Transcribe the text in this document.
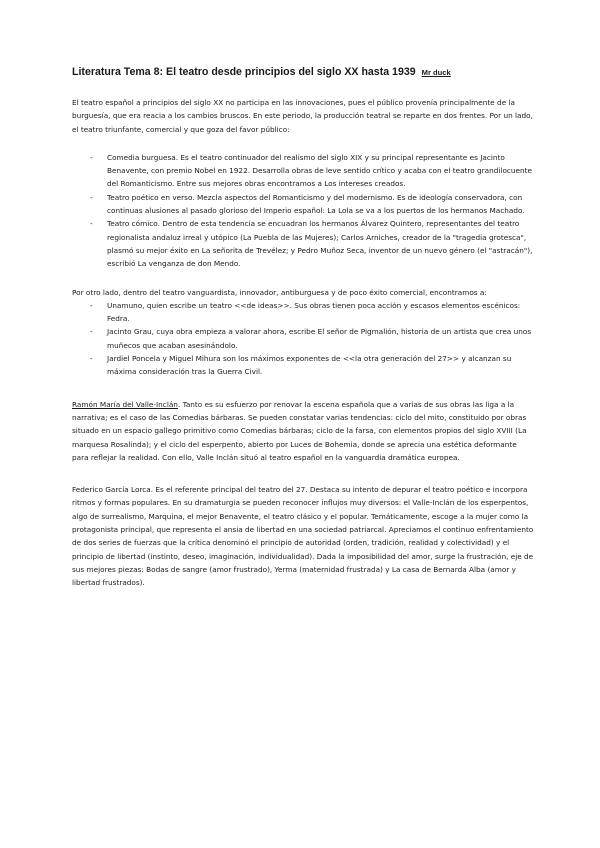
Literatura Tema 8: El teatro desde principios del siglo XX hasta 1939 Mr duck

El teatro español a principios del siglo XX no participa en las innovaciones, pues el público provenía principalmente de la burguesía, que era reacia a los cambios bruscos. En este periodo, la producción teatral se reparte en dos frentes. Por un lado, el teatro triunfante, comercial y que goza del favor público:

- Comedia burguesa. Es el teatro continuador del realismo del siglo XIX y su principal representante es Jacinto Benavente, con premio Nobel en 1922. Desarrolla obras de leve sentido crítico y acaba con el teatro grandilocuente del Romanticismo. Entre sus mejores obras encontramos a Los intereses creados.
- Teatro poético en verso. Mezcla aspectos del Romanticismo y del modernismo. Es de ideología conservadora, con continuas alusiones al pasado glorioso del Imperio español: La Lola se va a los puertos de los hermanos Machado.
- Teatro cómico. Dentro de esta tendencia se encuadran los hermanos Álvarez Quintero, representantes del teatro regionalista andaluz irreal y utópico (La Puebla de las Mujeres); Carlos Arniches, creador de la "tragedia grotesca", plasmó su mejor éxito en La señorita de Trevélez; y Pedro Muñoz Seca, inventor de un nuevo género (el "astracán"), escribió La venganza de don Mendo.

Por otro lado, dentro del teatro vanguardista, innovador, antiburguesa y de poco éxito comercial, encontramos a:

- Unamuno, quien escribe un teatro <<de ideas>>. Sus obras tienen poca acción y escasos elementos escénicos: Fedra.
- Jacinto Grau, cuya obra empieza a valorar ahora, escribe El señor de Pigmalión, historia de un artista que crea unos muñecos que acaban asesinándolo.
- Jardiel Poncela y Miguel Mihura son los máximos exponentes de <<la otra generación del 27>> y alcanzan su máxima consideración tras la Guerra Civil.

Ramón María del Valle-Inclán. Tanto es su esfuerzo por renovar la escena española que a varias de sus obras las liga a la narrativa; es el caso de las Comedias bárbaras. Se pueden constatar varias tendencias: ciclo del mito, constituido por obras situado en un espacio gallego primitivo como Comedias bárbaras; ciclo de la farsa, con elementos propios del siglo XVIII (La marquesa Rosalinda); y el ciclo del esperpento, abierto por Luces de Bohemia, donde se aprecia una estética deformante para reflejar la realidad. Con ello, Valle Inclán situó al teatro español en la vanguardia dramática europea.

Federico García Lorca. Es el referente principal del teatro del 27. Destaca su intento de depurar el teatro poético e incorpora ritmos y formas populares. En su dramaturgia se pueden reconocer influjos muy diversos: el Valle-Inclán de los esperpentos, algo de surrealismo, Marquina, el mejor Benavente, el teatro clásico y el popular. Temáticamente, escoge a la mujer como la protagonista principal, que representa el ansia de libertad en una sociedad patriarcal. Apreciamos el continuo enfrentamiento de dos series de fuerzas que la crítica denominó el principio de autoridad (orden, tradición, realidad y colectividad) y el principio de libertad (instinto, deseo, imaginación, individualidad). Dada la imposibilidad del amor, surge la frustración, eje de sus mejores piezas: Bodas de sangre (amor frustrado), Yerma (maternidad frustrada) y La casa de Bernarda Alba (amor y libertad frustrados).
